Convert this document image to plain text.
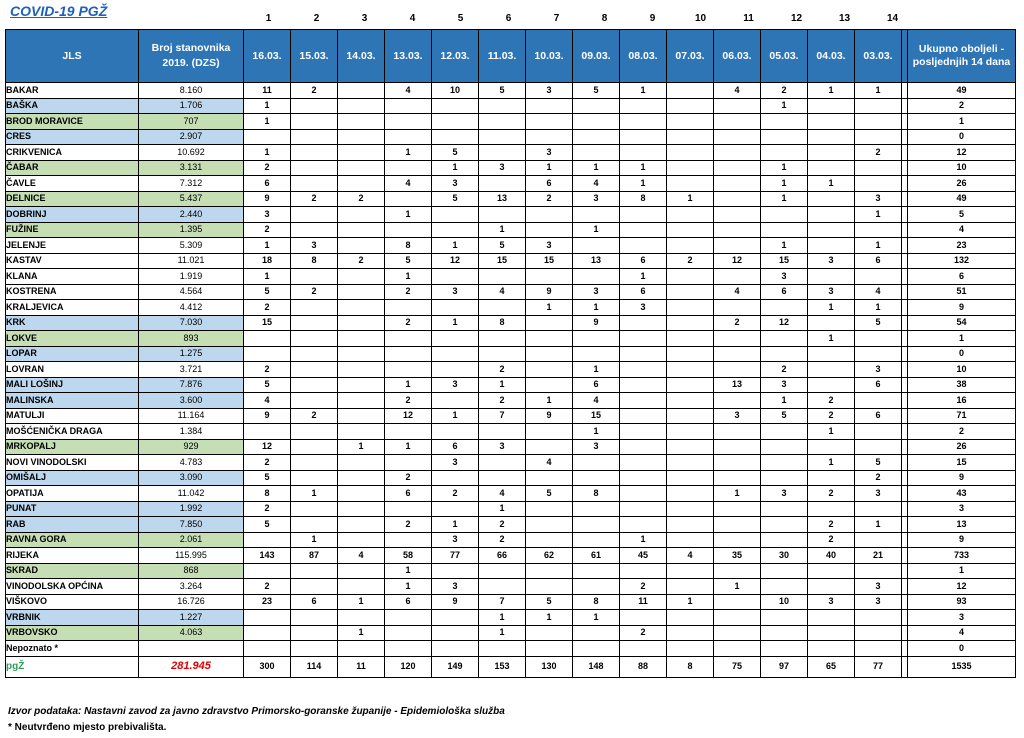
COVID-19 PGŽ	1	2	3	4	5	6	7	8	9	10	11	12	13	14
JLS	Broj stanovnika 2019. (DZS)	16.03.	15.03.	14.03.	13.03.	12.03.	11.03.	10.03.	09.03.	08.03.	07.03.	06.03.	05.03.	04.03.	03.03.		Ukupno oboljeli - posljednjih 14 dana
BAKAR	8.160	11	2		4	10	5	3	5	1		4	2	1	1		49
BAŠKA	1.706	1											1				2
BROD MORAVICE	707	1															1
CRES	2.907																0
CRIKVENICA	10.692	1			1	5		3							2		12
ČABAR	3.131	2				1	3	1	1	1			1				10
ČAVLE	7.312	6			4	3		6	4	1			1	1			26
DELNICE	5.437	9	2	2		5	13	2	3	8	1		1		3		49
DOBRINJ	2.440	3			1										1		5
FUŽINE	1.395	2					1		1								4
JELENJE	5.309	1	3		8	1	5	3					1		1		23
KASTAV	11.021	18	8	2	5	12	15	15	13	6	2	12	15	3	6		132
KLANA	1.919	1			1					1			3				6
KOSTRENA	4.564	5	2		2	3	4	9	3	6		4	6	3	4		51
KRALJEVICA	4.412	2						1	1	3				1	1		9
KRK	7.030	15			2	1	8		9			2	12		5		54
LOKVE	893													1			1
LOPAR	1.275																0
LOVRAN	3.721	2					2		1				2		3		10
MALI LOŠINJ	7.876	5			1	3	1		6			13	3		6		38
MALINSKA	3.600	4			2		2	1	4				1	2			16
MATULJI	11.164	9	2		12	1	7	9	15			3	5	2	6		71
MOŠĆENIČKA DRAGA	1.384								1					1			2
MRKOPALJ	929	12		1	1	6	3		3								26
NOVI VINODOLSKI	4.783	2				3		4						1	5		15
OMIŠALJ	3.090	5			2										2		9
OPATIJA	11.042	8	1		6	2	4	5	8			1	3	2	3		43
PUNAT	1.992	2					1										3
RAB	7.850	5			2	1	2							2	1		13
RAVNA GORA	2.061		1			3	2			1				2			9
RIJEKA	115.995	143	87	4	58	77	66	62	61	45	4	35	30	40	21		733
SKRAD	868				1												1
VINODOLSKA OPĆINA	3.264	2			1	3				2		1			3		12
VIŠKOVO	16.726	23	6	1	6	9	7	5	8	11	1		10	3	3		93
VRBNIK	1.227						1	1	1								3
VRBOVSKO	4.063			1			1			2							4
Nepoznato *																	0
pgŽ	281.945	300	114	11	120	149	153	130	148	88	8	75	97	65	77		1535
Izvor podataka: Nastavni zavod za javno zdravstvo Primorsko-goranske županije - Epidemiološka služba
* Neutvrđeno mjesto prebivališta.
